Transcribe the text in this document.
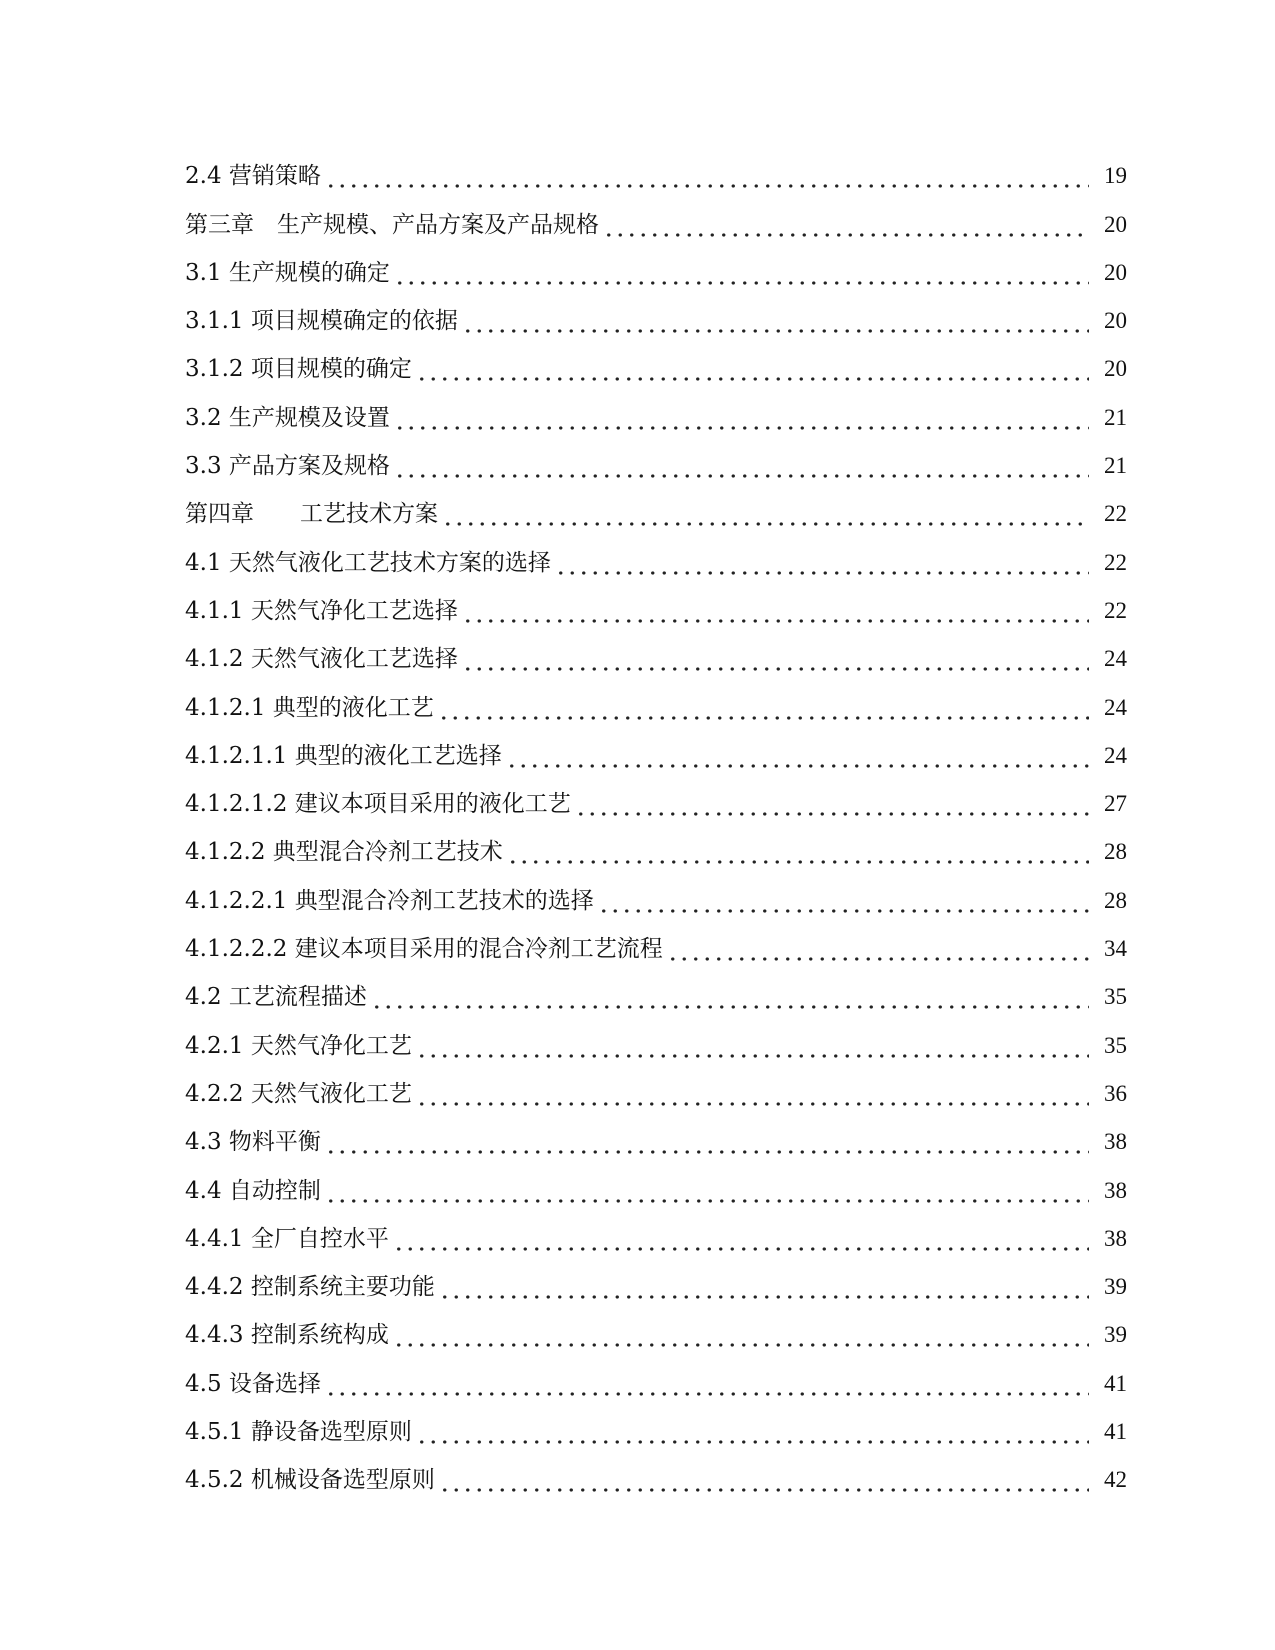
2.4 营销策略	19
第三章　生产规模、产品方案及产品规格	20
3.1 生产规模的确定	20
3.1.1 项目规模确定的依据	20
3.1.2 项目规模的确定	20
3.2 生产规模及设置	21
3.3 产品方案及规格	21
第四章　　工艺技术方案	22
4.1 天然气液化工艺技术方案的选择	22
4.1.1 天然气净化工艺选择	22
4.1.2 天然气液化工艺选择	24
4.1.2.1 典型的液化工艺	24
4.1.2.1.1 典型的液化工艺选择	24
4.1.2.1.2 建议本项目采用的液化工艺	27
4.1.2.2 典型混合冷剂工艺技术	28
4.1.2.2.1 典型混合冷剂工艺技术的选择	28
4.1.2.2.2 建议本项目采用的混合冷剂工艺流程	34
4.2 工艺流程描述	35
4.2.1 天然气净化工艺	35
4.2.2 天然气液化工艺	36
4.3 物料平衡	38
4.4 自动控制	38
4.4.1 全厂自控水平	38
4.4.2 控制系统主要功能	39
4.4.3 控制系统构成	39
4.5 设备选择	41
4.5.1 静设备选型原则	41
4.5.2 机械设备选型原则	42
